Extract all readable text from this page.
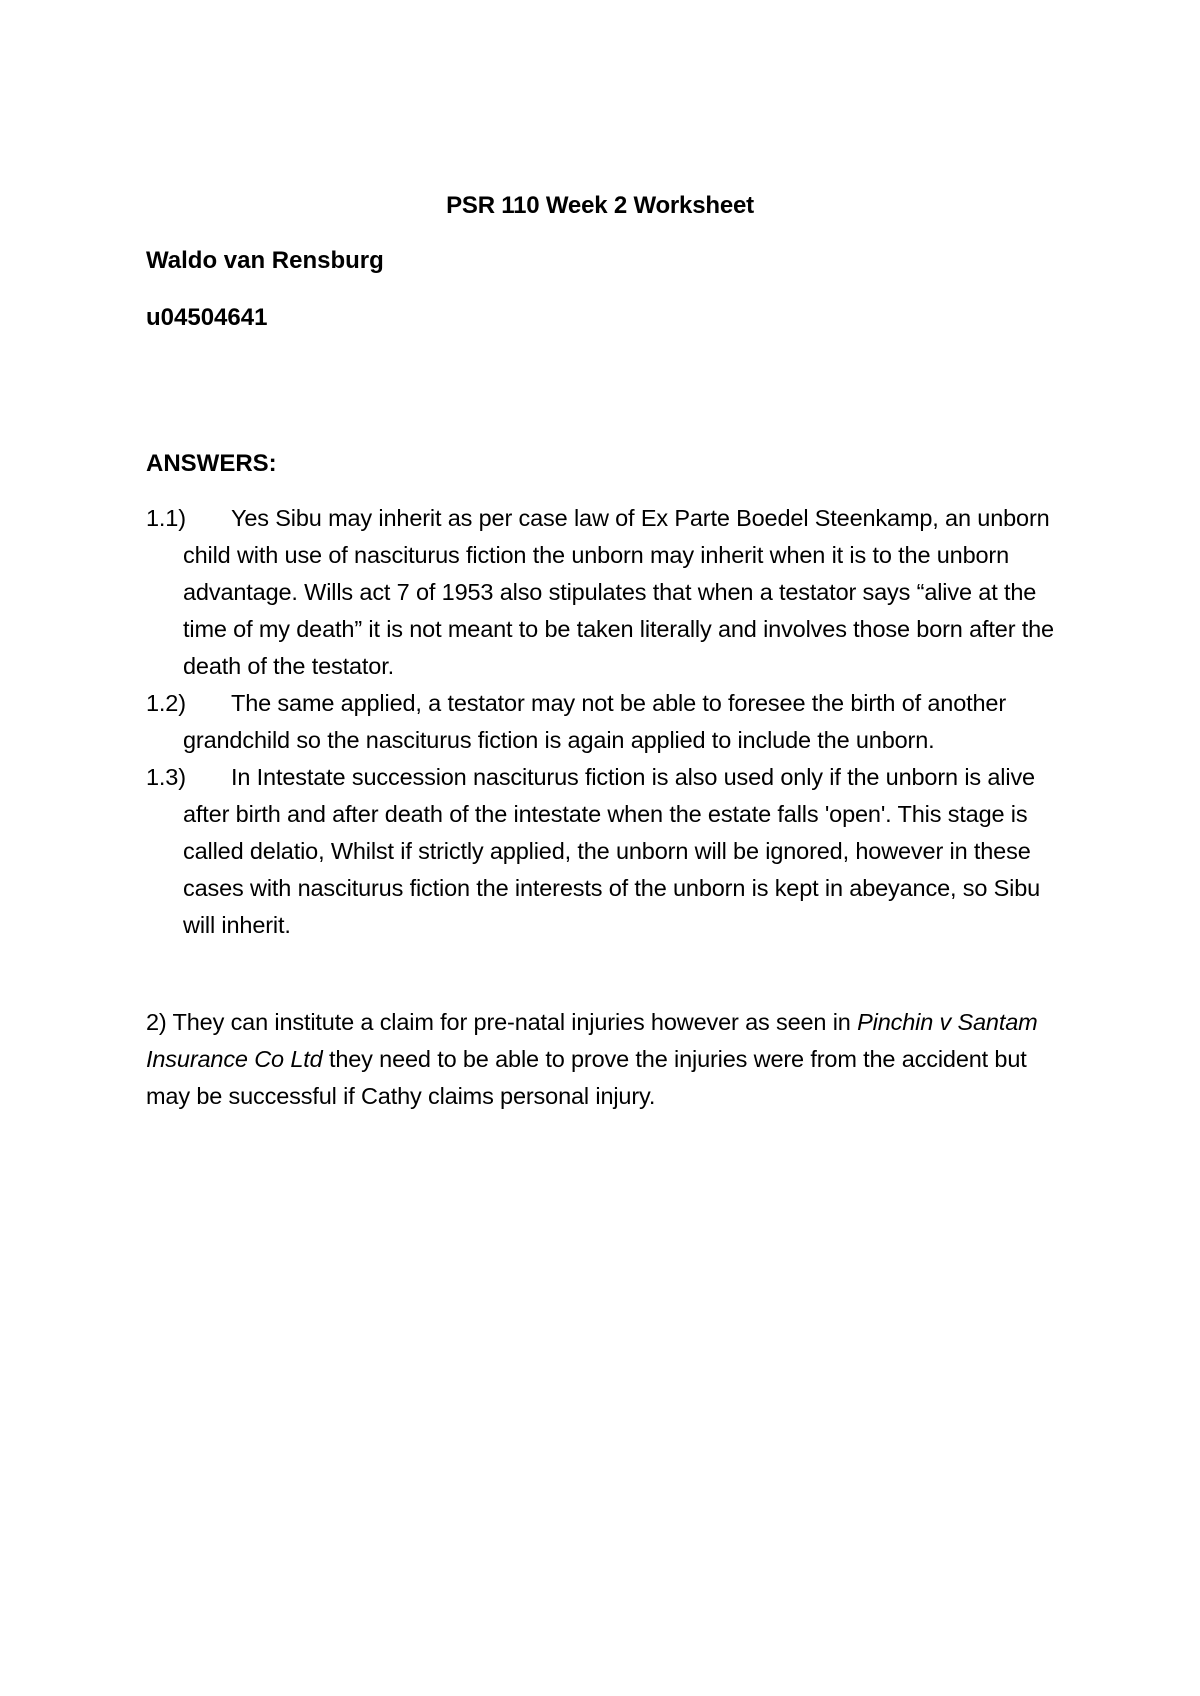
PSR 110 Week 2 Worksheet
Waldo van Rensburg
u04504641
ANSWERS:
1.1)	Yes Sibu may inherit as per case law of Ex Parte Boedel Steenkamp, an unborn child with use of nasciturus fiction the unborn may inherit when it is to the unborn advantage. Wills act 7 of 1953 also stipulates that when a testator says “alive at the time of my death” it is not meant to be taken literally and involves those born after the death of the testator.
1.2)	The same applied, a testator may not be able to foresee the birth of another grandchild so the nasciturus fiction is again applied to include the unborn.
1.3)	In Intestate succession nasciturus fiction is also used only if the unborn is alive after birth and after death of the intestate when the estate falls 'open'. This stage is called delatio, Whilst if strictly applied, the unborn will be ignored, however in these cases with nasciturus fiction the interests of the unborn is kept in abeyance, so Sibu will inherit.

2) They can institute a claim for pre-natal injuries however as seen in Pinchin v Santam Insurance Co Ltd they need to be able to prove the injuries were from the accident but may be successful if Cathy claims personal injury.
